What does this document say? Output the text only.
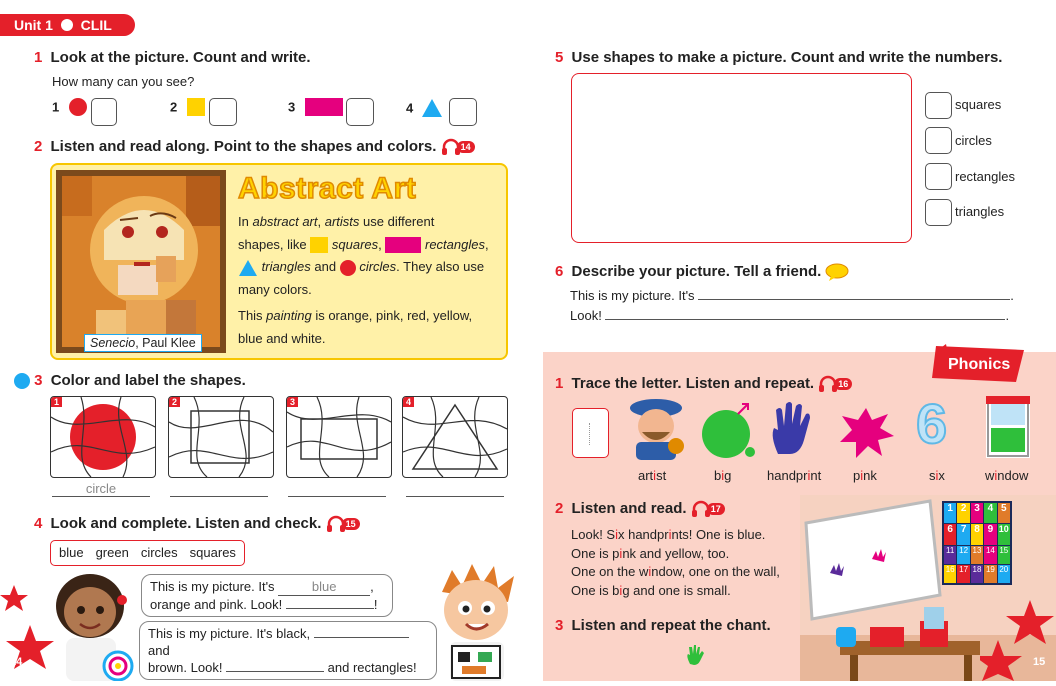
Unit 1 CLIL Art
1 Look at the picture. Count and write.
How many can you see?
1	2	3	4
2 Listen and read along. Point to the shapes and colors.	14
Senecio, Paul Klee
Abstract Art
In abstract art, artists use different
shapes, like  squares,	rectangles,
triangles and  circles. They also use
many colors.
This painting is orange, pink, red, yellow,
blue and white.
3 Color and label the shapes.
1	2	3	4
circle
4 Look and complete. Listen and check.	15
blue green circles squares
This is my picture. It's	blue	,
orange and pink. Look!	!
This is my picture. It's black,  and
brown. Look!	and rectangles!
14
5 Use shapes to make a picture. Count and write the numbers.
squares
circles
rectangles
triangles
6 Describe your picture. Tell a friend.
This is my picture. It's	.
Look!	.
Phonics
1 Trace the letter. Listen and repeat.	16
6
artist	big	handprint pink	six	window
2 Listen and read.	17
Look! Six handprints! One is blue.
One is pink and yellow, too.
One on the window, one on the wall,
One is big and one is small.
3 Listen and repeat the chant.
1 2 3 4 5
6 7 8 9 10
11 12 13 14 15
16 17 18 19 20
15
